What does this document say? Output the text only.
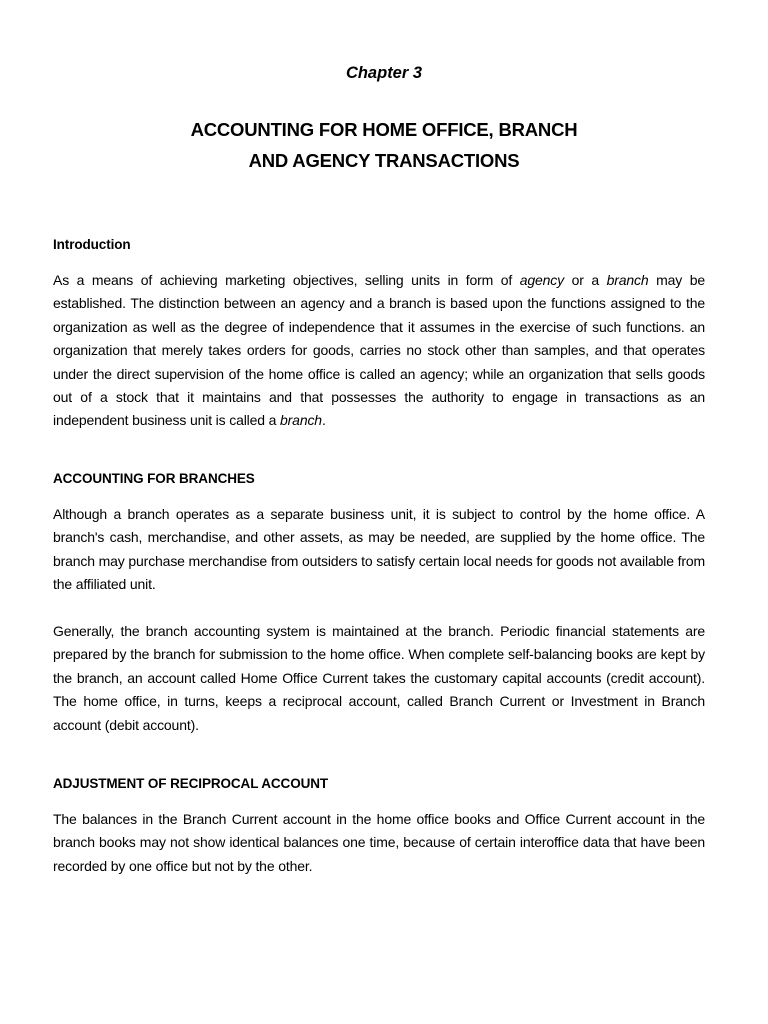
Chapter 3
ACCOUNTING FOR HOME OFFICE, BRANCH
AND AGENCY TRANSACTIONS
Introduction

As a means of achieving marketing objectives, selling units in form of agency or a branch may be established. The distinction between an agency and a branch is based upon the functions assigned to the organization as well as the degree of independence that it assumes in the exercise of such functions. an organization that merely takes orders for goods, carries no stock other than samples, and that operates under the direct supervision of the home office is called an agency; while an organization that sells goods out of a stock that it maintains and that possesses the authority to engage in transactions as an independent business unit is called a branch.

ACCOUNTING FOR BRANCHES

Although a branch operates as a separate business unit, it is subject to control by the home office. A branch's cash, merchandise, and other assets, as may be needed, are supplied by the home office. The branch may purchase merchandise from outsiders to satisfy certain local needs for goods not available from the affiliated unit.

Generally, the branch accounting system is maintained at the branch. Periodic financial statements are prepared by the branch for submission to the home office. When complete self-balancing books are kept by the branch, an account called Home Office Current takes the customary capital accounts (credit account). The home office, in turns, keeps a reciprocal account, called Branch Current or Investment in Branch account (debit account).

ADJUSTMENT OF RECIPROCAL ACCOUNT

The balances in the Branch Current account in the home office books and Office Current account in the branch books may not show identical balances one time, because of certain interoffice data that have been recorded by one office but not by the other.
